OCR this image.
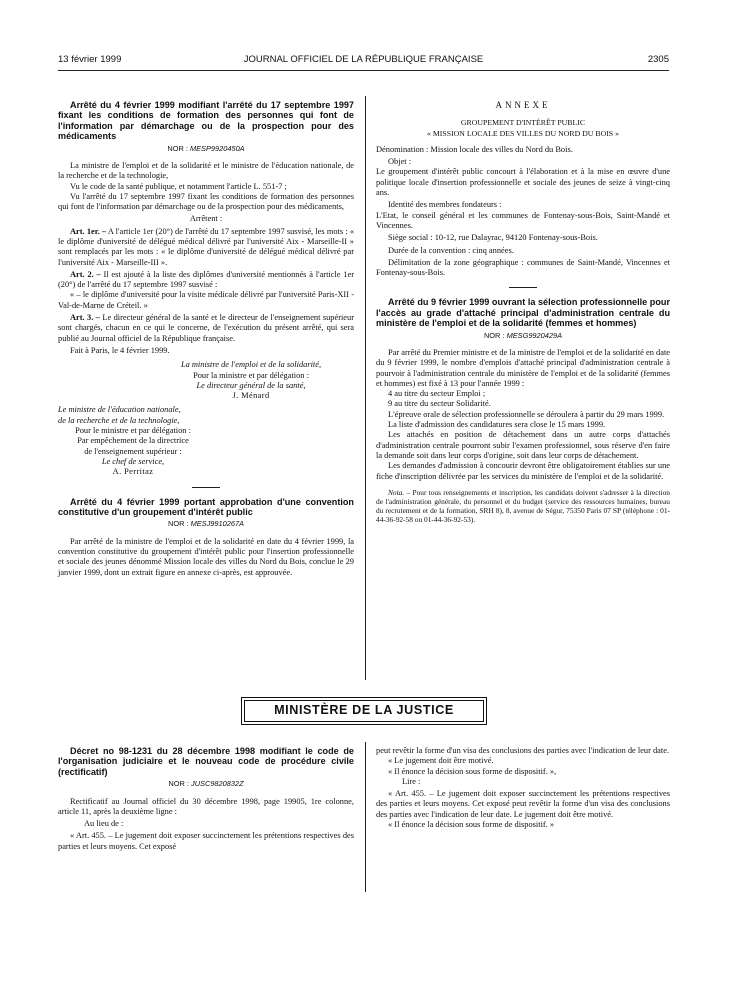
13 février 1999	JOURNAL OFFICIEL DE LA RÉPUBLIQUE FRANÇAISE	2305

Arrêté du 4 février 1999 modifiant l'arrêté du 17 septembre 1997 fixant les conditions de formation des personnes qui font de l'information par démarchage ou de la prospection pour des médicaments

NOR : MESP9920450A

La ministre de l'emploi et de la solidarité et le ministre de l'éducation nationale, de la recherche et de la technologie,

Vu le code de la santé publique, et notamment l'article L. 551-7 ;

Vu l'arrêté du 17 septembre 1997 fixant les conditions de formation des personnes qui font de l'information par démarchage ou de la prospection pour des médicaments,

Arrêtent :

Art. 1er. – A l'article 1er (20°) de l'arrêté du 17 septembre 1997 susvisé, les mots : « le diplôme d'université de délégué médical délivré par l'université Aix - Marseille-II » sont remplacés par les mots : « le diplôme d'université de délégué médical délivré par l'université Aix - Marseille-III ».

Art. 2. – Il est ajouté à la liste des diplômes d'université mentionnés à l'article 1er (20°) de l'arrêté du 17 septembre 1997 susvisé :

« – le diplôme d'université pour la visite médicale délivré par l'université Paris-XII - Val-de-Marne de Créteil. »

Art. 3. – Le directeur général de la santé et le directeur de l'enseignement supérieur sont chargés, chacun en ce qui le concerne, de l'exécution du présent arrêté, qui sera publié au Journal officiel de la République française.

Fait à Paris, le 4 février 1999.

La ministre de l'emploi et de la solidarité,

Pour la ministre et par délégation :

Le directeur général de la santé,

J. Ménard

Le ministre de l'éducation nationale,

de la recherche et de la technologie,

Pour le ministre et par délégation :

Par empêchement de la directrice

de l'enseignement supérieur :

Le chef de service,

A. Perritaz

Arrêté du 4 février 1999 portant approbation d'une convention constitutive d'un groupement d'intérêt public

NOR : MESJ9910267A

Par arrêté de la ministre de l'emploi et de la solidarité en date du 4 février 1999, la convention constitutive du groupement d'intérêt public pour l'insertion professionnelle et sociale des jeunes dénommé Mission locale des villes du Nord du Bois, conclue le 29 janvier 1999, dont un extrait figure en annexe ci-après, est approuvée.

ANNEXE

GROUPEMENT D'INTÉRÊT PUBLIC

« MISSION LOCALE DES VILLES DU NORD DU BOIS »

Dénomination : Mission locale des villes du Nord du Bois.

Objet :

Le groupement d'intérêt public concourt à l'élaboration et à la mise en œuvre d'une politique locale d'insertion professionnelle et sociale des jeunes de seize à vingt-cinq ans.

Identité des membres fondateurs :

L'Etat, le conseil général et les communes de Fontenay-sous-Bois, Saint-Mandé et Vincennes.

Siège social : 10-12, rue Dalayrac, 94120 Fontenay-sous-Bois.

Durée de la convention : cinq années.

Délimitation de la zone géographique : communes de Saint-Mandé, Vincennes et Fontenay-sous-Bois.

Arrêté du 9 février 1999 ouvrant la sélection professionnelle pour l'accès au grade d'attaché principal d'administration centrale du ministère de l'emploi et de la solidarité (femmes et hommes)

NOR : MESG9920429A

Par arrêté du Premier ministre et de la ministre de l'emploi et de la solidarité en date du 9 février 1999, le nombre d'emplois d'attaché principal d'administration centrale à pourvoir à l'administration centrale du ministère de l'emploi et de la solidarité (femmes et hommes) est fixé à 13 pour l'année 1999 :

4 au titre du secteur Emploi ;

9 au titre du secteur Solidarité.

L'épreuve orale de sélection professionnelle se déroulera à partir du 29 mars 1999.

La liste d'admission des candidatures sera close le 15 mars 1999.

Les attachés en position de détachement dans un autre corps d'attachés d'administration centrale pourront subir l'examen professionnel, sous réserve d'en faire la demande soit dans leur corps d'origine, soit dans leur corps de détachement.

Les demandes d'admission à concourir devront être obligatoirement établies sur une fiche d'inscription délivrée par les services du ministère de l'emploi et de la solidarité.

Nota. – Pour tous renseignements et inscription, les candidats doivent s'adresser à la direction de l'administration générale, du personnel et du budget (service des ressources humaines, bureau du recrutement et de la formation, SRH 8), 8, avenue de Ségur, 75350 Paris 07 SP (téléphone : 01-44-36-92-58 ou 01-44-36-92-53).

MINISTÈRE DE LA JUSTICE

Décret no 98-1231 du 28 décembre 1998 modifiant le code de l'organisation judiciaire et le nouveau code de procédure civile (rectificatif)

NOR : JUSC9820832Z

Rectificatif au Journal officiel du 30 décembre 1998, page 19905, 1re colonne, article 11, après la deuxième ligne :

Au lieu de :

« Art. 455. – Le jugement doit exposer succinctement les prétentions respectives des parties et leurs moyens. Cet exposé

peut revêtir la forme d'un visa des conclusions des parties avec l'indication de leur date.

« Le jugement doit être motivé.

« Il énonce la décision sous forme de dispositif. »,

Lire :

« Art. 455. – Le jugement doit exposer succinctement les prétentions respectives des parties et leurs moyens. Cet exposé peut revêtir la forme d'un visa des conclusions des parties avec l'indication de leur date. Le jugement doit être motivé.

« Il énonce la décision sous forme de dispositif. »
